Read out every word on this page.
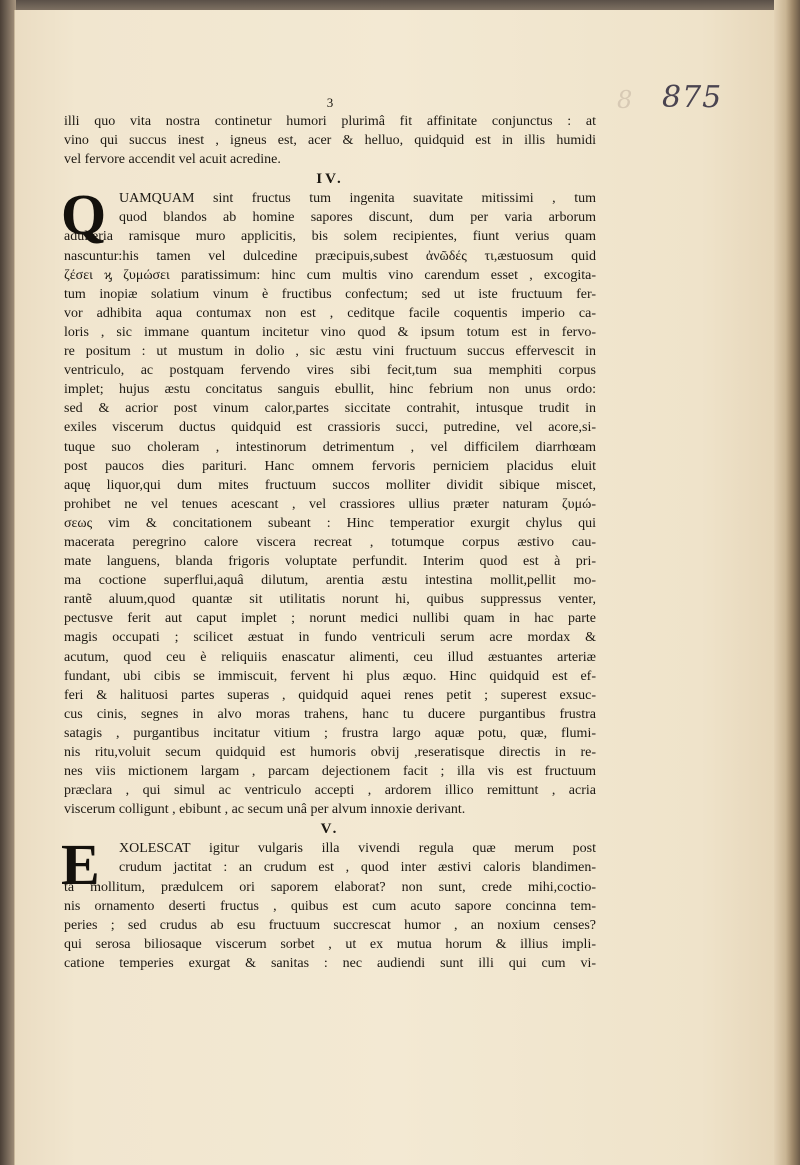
8 875
3
illi quo vita nostra continetur humori plurimâ fit affinitate conjunctus : at
vino qui succus inest , igneus est, acer & helluo, quidquid est in illis humidi
vel fervore accendit vel acuit acredine.
IV.
Q UAMQUAM sint fructus tum ingenita suavitate mitissimi , tum
quod blandos ab homine sapores discunt, dum per varia arborum
adulteria ramisque muro applicitis, bis solem recipientes, fiunt verius quam
nascuntur:his tamen vel dulcedine præcipuis,subest ἀνῶδές τι,æstuosum quid
ζέσει ϗ ζυμώσει paratissimum: hinc cum multis vino carendum esset , excogita-
tum inopiæ solatium vinum è fructibus confectum; sed ut iste fructuum fer-
vor adhibita aqua contumax non est , ceditque facile coquentis imperio ca-
loris , sic immane quantum incitetur vino quod & ipsum totum est in fervo-
re positum : ut mustum in dolio , sic æstu vini fructuum succus effervescit in
ventriculo, ac postquam fervendo vires sibi fecit,tum sua memphiti corpus
implet; hujus æstu concitatus sanguis ebullit, hinc febrium non unus ordo:
sed & acrior post vinum calor,partes siccitate contrahit, intusque trudit in
exiles viscerum ductus quidquid est crassioris succi, putredine, vel acore,si-
tuque suo choleram , intestinorum detrimentum , vel difficilem diarrhœam
post paucos dies parituri. Hanc omnem fervoris perniciem placidus eluit
aquę liquor,qui dum mites fructuum succos molliter dividit sibique miscet,
prohibet ne vel tenues acescant , vel crassiores ullius præter naturam ζυμώ-
σεως vim & concitationem subeant : Hinc temperatior exurgit chylus qui
macerata peregrino calore viscera recreat , totumque corpus æstivo cau-
mate languens, blanda frigoris voluptate perfundit. Interim quod est à pri-
ma coctione superflui,aquâ dilutum, arentia æstu intestina mollit,pellit mo-
rantẽ aluum,quod quantæ sit utilitatis norunt hi, quibus suppressus venter,
pectusve ferit aut caput implet ; norunt medici nullibi quam in hac parte
magis occupati ; scilicet æstuat in fundo ventriculi serum acre mordax &
acutum, quod ceu è reliquiis enascatur alimenti, ceu illud æstuantes arteriæ
fundant, ubi cibis se immiscuit, fervent hi plus æquo. Hinc quidquid est ef-
feri & halituosi partes superas , quidquid aquei renes petit ; superest exsuc-
cus cinis, segnes in alvo moras trahens, hanc tu ducere purgantibus frustra
satagis , purgantibus incitatur vitium ; frustra largo aquæ potu, quæ, flumi-
nis ritu,voluit secum quidquid est humoris obvij ,reseratisque directis in re-
nes viis mictionem largam , parcam dejectionem facit ; illa vis est fructuum
præclara , qui simul ac ventriculo accepti , ardorem illico remittunt , acria
viscerum colligunt , ebibunt , ac secum unâ per alvum innoxie derivant.
V.
E	XOLESCAT igitur vulgaris illa vivendi regula quæ merum post
crudum jactitat : an crudum est , quod inter æstivi caloris blandimen-
ta mollitum, prædulcem ori saporem elaborat? non sunt, crede mihi,coctio-
nis ornamento deserti fructus , quibus est cum acuto sapore concinna tem-
peries ; sed crudus ab esu fructuum succrescat humor , an noxium censes?
qui serosa biliosaque viscerum sorbet , ut ex mutua horum & illius impli-
catione temperies exurgat & sanitas : nec audiendi sunt illi qui cum vi-
